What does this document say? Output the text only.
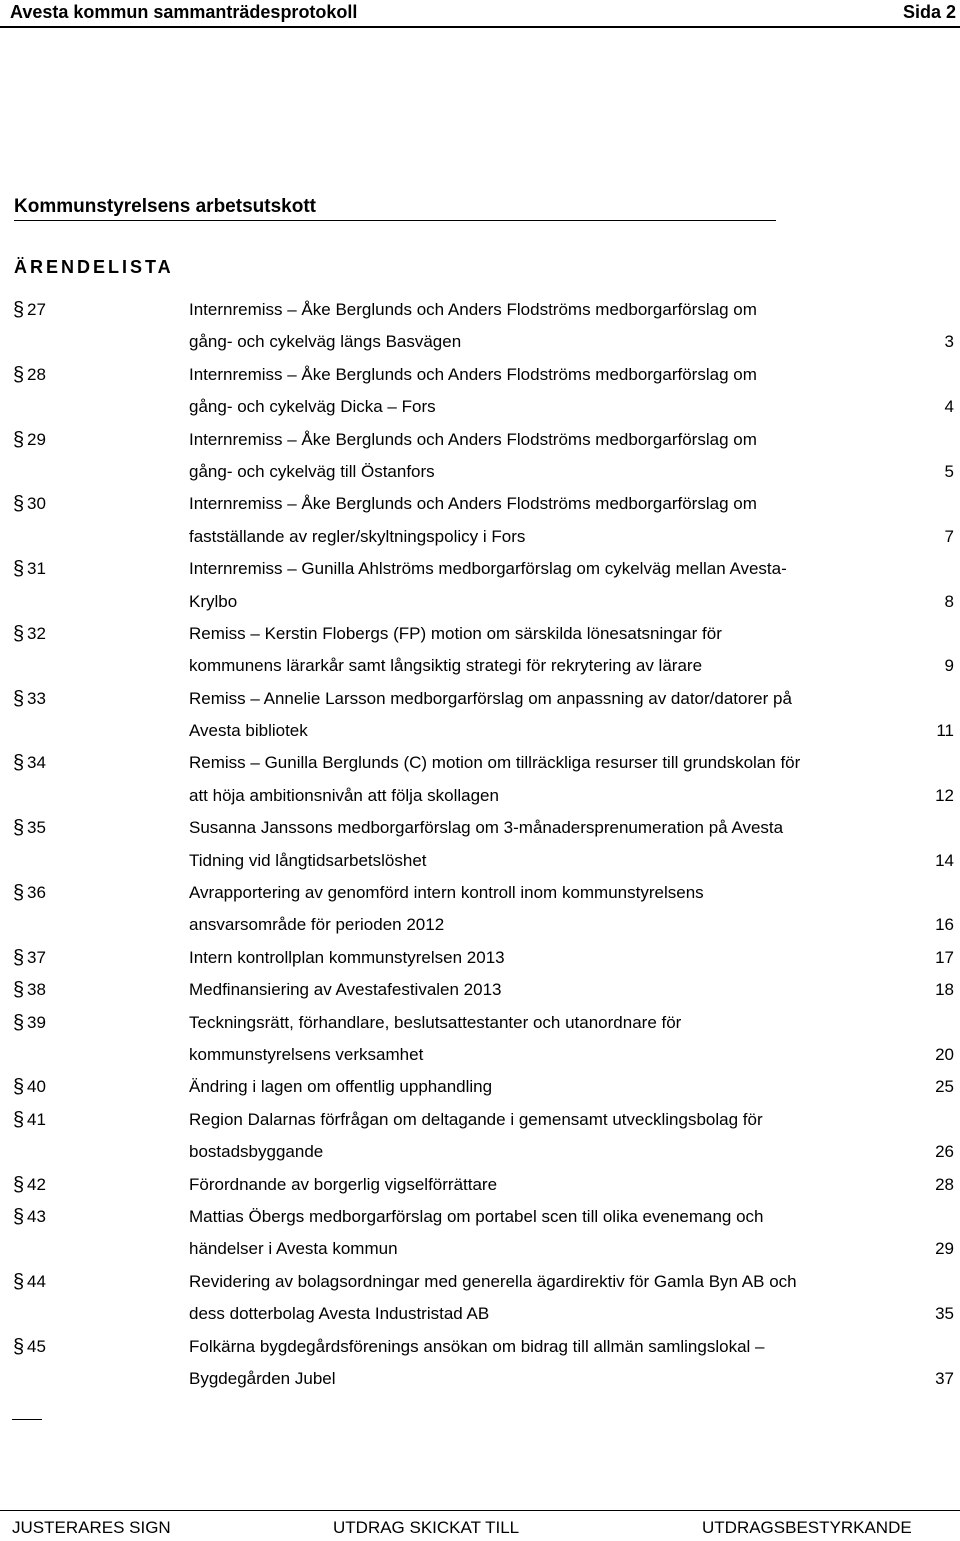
Avesta kommun sammanträdesprotokoll	Sida 2
Kommunstyrelsens arbetsutskott
ÄRENDELISTA
§ 27	Internremiss – Åke Berglunds och Anders Flodströms medborgarförslag om
gång- och cykelväg längs Basvägen	3
§ 28	Internremiss – Åke Berglunds och Anders Flodströms medborgarförslag om
gång- och cykelväg Dicka – Fors	4
§ 29	Internremiss – Åke Berglunds och Anders Flodströms medborgarförslag om
gång- och cykelväg till Östanfors	5
§ 30	Internremiss – Åke Berglunds och Anders Flodströms medborgarförslag om
fastställande av regler/skyltningspolicy i Fors	7
§ 31	Internremiss – Gunilla Ahlströms medborgarförslag om cykelväg mellan Avesta-
Krylbo	8
§ 32	Remiss – Kerstin Flobergs (FP) motion om särskilda lönesatsningar för
kommunens lärarkår samt långsiktig strategi för rekrytering av lärare	9
§ 33	Remiss – Annelie Larsson medborgarförslag om anpassning av dator/datorer på
Avesta bibliotek	11
§ 34	Remiss – Gunilla Berglunds (C) motion om tillräckliga resurser till grundskolan för
att höja ambitionsnivån att följa skollagen	12
§ 35	Susanna Janssons medborgarförslag om 3-månadersprenumeration på Avesta
Tidning vid långtidsarbetslöshet	14
§ 36	Avrapportering av genomförd intern kontroll inom kommunstyrelsens
ansvarsområde för perioden 2012	16
§ 37	Intern kontrollplan kommunstyrelsen 2013	17
§ 38	Medfinansiering av Avestafestivalen 2013	18
§ 39	Teckningsrätt, förhandlare, beslutsattestanter och utanordnare för
kommunstyrelsens verksamhet	20
§ 40	Ändring i lagen om offentlig upphandling	25
§ 41	Region Dalarnas förfrågan om deltagande i gemensamt utvecklingsbolag för
bostadsbyggande	26
§ 42	Förordnande av borgerlig vigselförrättare	28
§ 43	Mattias Öbergs medborgarförslag om portabel scen till olika evenemang och
händelser i Avesta kommun	29
§ 44	Revidering av bolagsordningar med generella ägardirektiv för Gamla Byn AB och
dess dotterbolag Avesta Industristad AB	35
§ 45	Folkärna bygdegårdsförenings ansökan om bidrag till allmän samlingslokal –
Bygdegården Jubel	37
JUSTERARES SIGN	UTDRAG SKICKAT TILL	UTDRAGSBESTYRKANDE
